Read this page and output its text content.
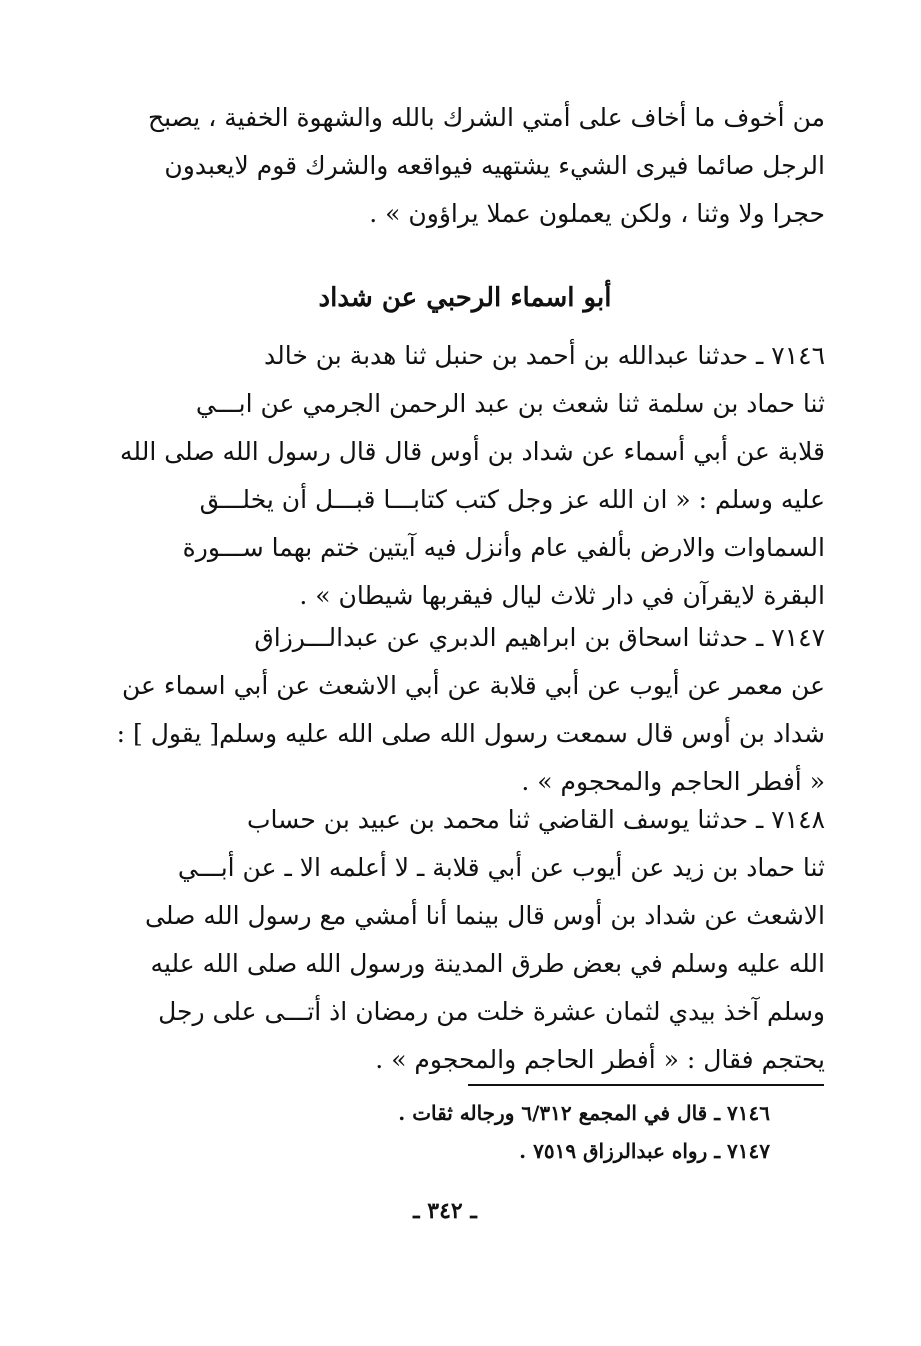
من أخوف ما أخاف على أمتي الشرك بالله والشهوة الخفية ، يصبح
الرجل صائما فيرى الشيء يشتهيه فيواقعه والشرك قوم لايعبدون
حجرا ولا وثنا ، ولكن يعملون عملا يراؤون » .
أبو اسماء الرحبي عن شداد
٧١٤٦ ـ حدثنا عبدالله بن أحمد بن حنبل ثنا هدبة بن خالد
ثنا حماد بن سلمة ثنا شعث بن عبد الرحمن الجرمي عن ابـــي
قلابة عن أبي أسماء عن شداد بن أوس قال قال رسول الله صلى الله
عليه وسلم : « ان الله عز وجل كتب كتابـــا قبـــل أن يخلـــق
السماوات والارض بألفي عام وأنزل فيه آيتين ختم بهما ســـورة
البقرة لايقرآن في دار ثلاث ليال فيقربها شيطان » .
٧١٤٧ ـ حدثنا اسحاق بن ابراهيم الدبري عن عبدالـــرزاق
عن معمر عن أيوب عن أبي قلابة عن أبي الاشعث عن أبي اسماء عن
شداد بن أوس قال سمعت رسول الله صلى الله عليه وسلم[ يقول ] :
« أفطر الحاجم والمحجوم » .
٧١٤٨ ـ حدثنا يوسف القاضي ثنا محمد بن عبيد بن حساب
ثنا حماد بن زيد عن أيوب عن أبي قلابة ـ لا أعلمه الا ـ عن أبـــي
الاشعث عن شداد بن أوس قال بينما أنا أمشي مع رسول الله صلى
الله عليه وسلم في بعض طرق المدينة ورسول الله صلى الله عليه
وسلم آخذ بيدي لثمان عشرة خلت من رمضان اذ أتـــى على رجل
يحتجم فقال : « أفطر الحاجم والمحجوم » .
٧١٤٦ ـ قال في المجمع ٦/٣١٢ ورجاله ثقات .
٧١٤٧ ـ رواه عبدالرزاق ٧٥١٩ .
ـ ٣٤٢ ـ
